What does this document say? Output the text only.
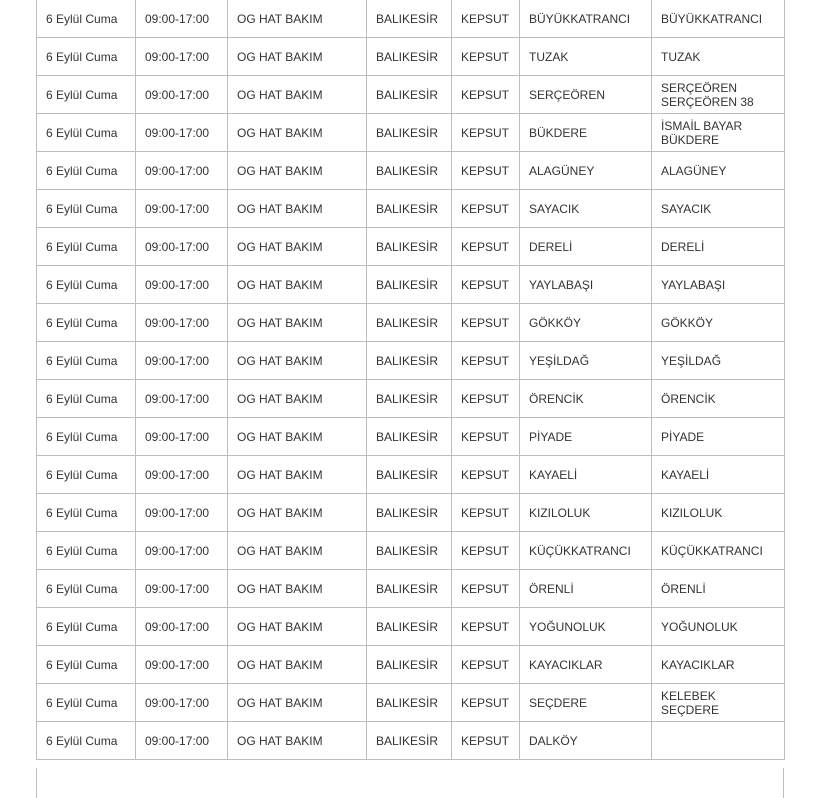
6 Eylül Cuma	09:00-17:00	OG HAT BAKIM	BALIKESİR	KEPSUT	BÜYÜKKATRANCI	BÜYÜKKATRANCI

6 Eylül Cuma	09:00-17:00	OG HAT BAKIM	BALIKESİR	KEPSUT	TUZAK	TUZAK

6 Eylül Cuma	09:00-17:00	OG HAT BAKIM	BALIKESİR	KEPSUT	SERÇEÖREN	SERÇEÖREN
SERÇEÖREN 38

6 Eylül Cuma	09:00-17:00	OG HAT BAKIM	BALIKESİR	KEPSUT	BÜKDERE	İSMAİL BAYAR
BÜKDERE

6 Eylül Cuma	09:00-17:00	OG HAT BAKIM	BALIKESİR	KEPSUT	ALAGÜNEY	ALAGÜNEY

6 Eylül Cuma	09:00-17:00	OG HAT BAKIM	BALIKESİR	KEPSUT	SAYACIK	SAYACIK

6 Eylül Cuma	09:00-17:00	OG HAT BAKIM	BALIKESİR	KEPSUT	DERELİ	DERELİ

6 Eylül Cuma	09:00-17:00	OG HAT BAKIM	BALIKESİR	KEPSUT	YAYLABAŞI	YAYLABAŞI

6 Eylül Cuma	09:00-17:00	OG HAT BAKIM	BALIKESİR	KEPSUT	GÖKKÖY	GÖKKÖY

6 Eylül Cuma	09:00-17:00	OG HAT BAKIM	BALIKESİR	KEPSUT	YEŞİLDAĞ	YEŞİLDAĞ

6 Eylül Cuma	09:00-17:00	OG HAT BAKIM	BALIKESİR	KEPSUT	ÖRENCİK	ÖRENCİK

6 Eylül Cuma	09:00-17:00	OG HAT BAKIM	BALIKESİR	KEPSUT	PİYADE	PİYADE

6 Eylül Cuma	09:00-17:00	OG HAT BAKIM	BALIKESİR	KEPSUT	KAYAELİ	KAYAELİ

6 Eylül Cuma	09:00-17:00	OG HAT BAKIM	BALIKESİR	KEPSUT	KIZILOLUK	KIZILOLUK

6 Eylül Cuma	09:00-17:00	OG HAT BAKIM	BALIKESİR	KEPSUT	KÜÇÜKKATRANCI	KÜÇÜKKATRANCI

6 Eylül Cuma	09:00-17:00	OG HAT BAKIM	BALIKESİR	KEPSUT	ÖRENLİ	ÖRENLİ

6 Eylül Cuma	09:00-17:00	OG HAT BAKIM	BALIKESİR	KEPSUT	YOĞUNOLUK	YOĞUNOLUK

6 Eylül Cuma	09:00-17:00	OG HAT BAKIM	BALIKESİR	KEPSUT	KAYACIKLAR	KAYACIKLAR

6 Eylül Cuma	09:00-17:00	OG HAT BAKIM	BALIKESİR	KEPSUT	SEÇDERE	KELEBEK
SEÇDERE

6 Eylül Cuma	09:00-17:00	OG HAT BAKIM	BALIKESİR	KEPSUT	DALKÖY	
